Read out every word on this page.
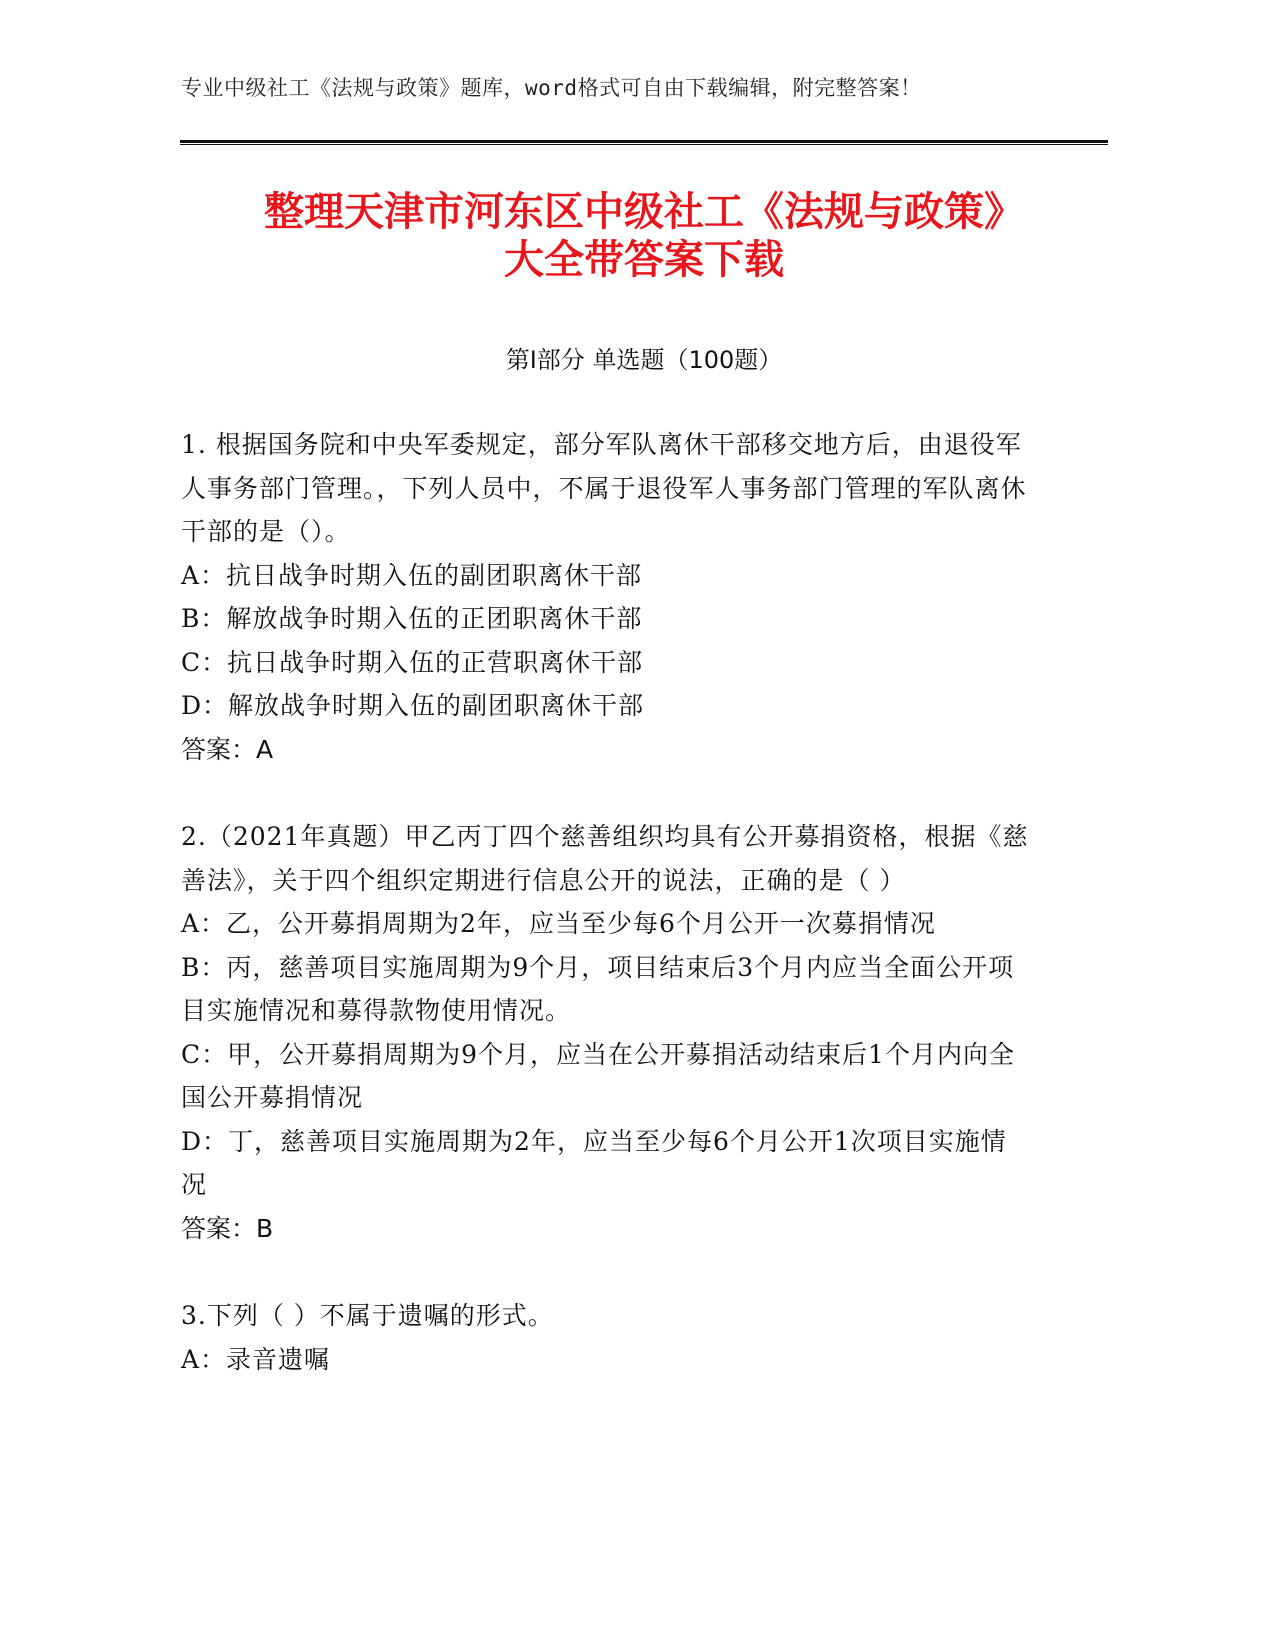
专业中级社工《法规与政策》题库，word格式可自由下载编辑，附完整答案！
整理天津市河东区中级社工《法规与政策》
大全带答案下载
第Ⅰ部分 单选题（100题）

1. 根据国务院和中央军委规定，部分军队离休干部移交地方后，由退役军人事务部门管理。，下列人员中，不属于退役军人事务部门管理的军队离休干部的是（）。

A：抗日战争时期入伍的副团职离休干部

B：解放战争时期入伍的正团职离休干部

C：抗日战争时期入伍的正营职离休干部

D：解放战争时期入伍的副团职离休干部

答案：A

2.（2021年真题）甲乙丙丁四个慈善组织均具有公开募捐资格，根据《慈善法》，关于四个组织定期进行信息公开的说法，正确的是（ ）

A：乙，公开募捐周期为2年，应当至少每6个月公开一次募捐情况

B：丙，慈善项目实施周期为9个月，项目结束后3个月内应当全面公开项目实施情况和募得款物使用情况。

C：甲，公开募捐周期为9个月，应当在公开募捐活动结束后1个月内向全国公开募捐情况

D：丁，慈善项目实施周期为2年，应当至少每6个月公开1次项目实施情况

答案：B

3.下列（ ）不属于遗嘱的形式。

A：录音遗嘱
